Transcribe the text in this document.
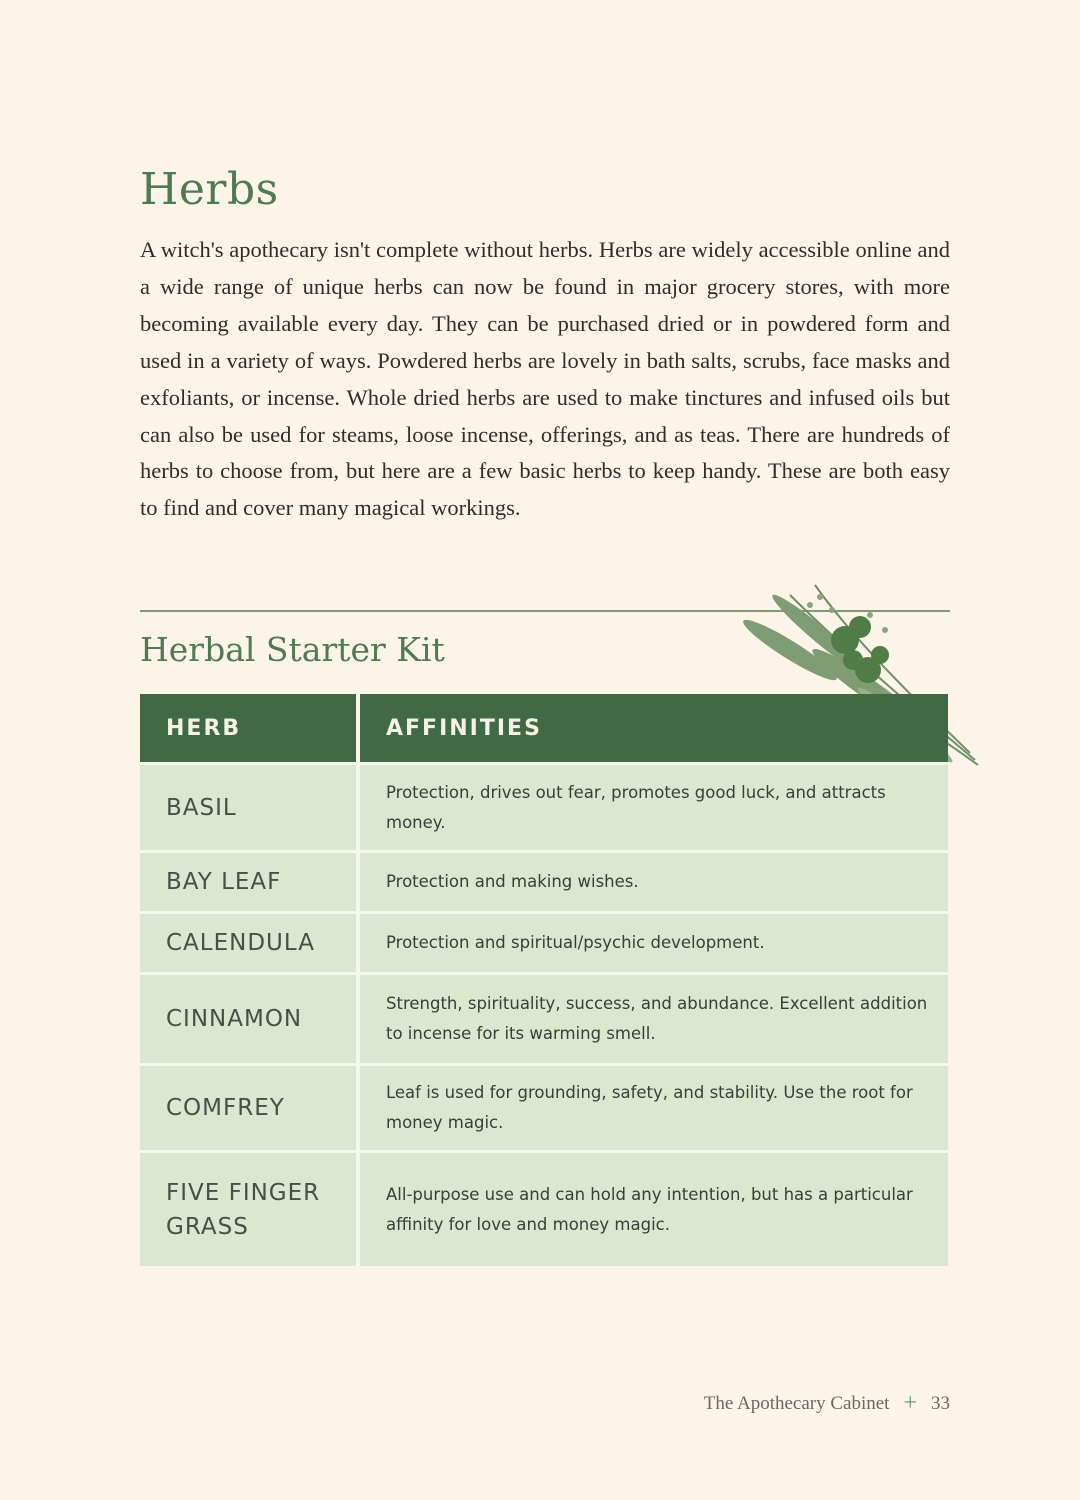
Herbs

A witch's apothecary isn't complete without herbs. Herbs are widely accessible online and a wide range of unique herbs can now be found in major grocery stores, with more becoming available every day. They can be purchased dried or in powdered form and used in a variety of ways. Powdered herbs are lovely in bath salts, scrubs, face masks and exfoliants, or incense. Whole dried herbs are used to make tinctures and infused oils but can also be used for steams, loose incense, offerings, and as teas. There are hundreds of herbs to choose from, but here are a few basic herbs to keep handy. These are both easy to find and cover many magical workings.

Herbal Starter Kit
HERB	AFFINITIES
BASIL	Protection, drives out fear, promotes good luck, and attracts money.
BAY LEAF	Protection and making wishes.
CALENDULA	Protection and spiritual/psychic development.
CINNAMON	Strength, spirituality, success, and abundance. Excellent addition to incense for its warming smell.
COMFREY	Leaf is used for grounding, safety, and stability. Use the root for money magic.
FIVE FINGER GRASS	All-purpose use and can hold any intention, but has a particular affinity for love and money magic.
The Apothecary Cabinet + 33
